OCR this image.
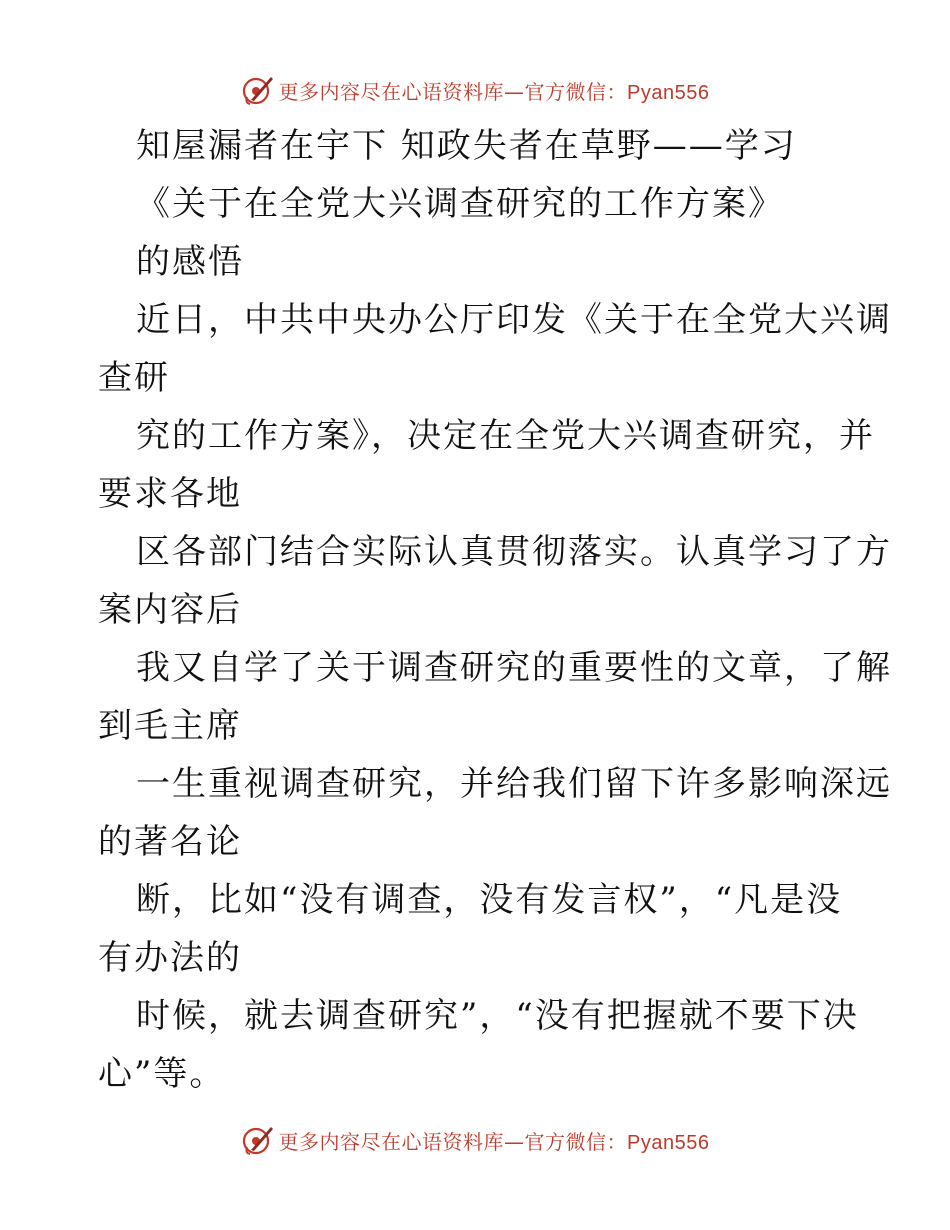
更多内容尽在心语资料库—官方微信：Pyan556
知屋漏者在宇下 知政失者在草野——学习
《关于在全党大兴调查研究的工作方案》
的感悟
近日，中共中央办公厅印发《关于在全党大兴调
查研
究的工作方案》，决定在全党大兴调查研究，并
要求各地
区各部门结合实际认真贯彻落实。认真学习了方
案内容后
我又自学了关于调查研究的重要性的文章，了解
到毛主席
一生重视调查研究，并给我们留下许多影响深远
的著名论
断，比如“没有调查，没有发言权”，“凡是没
有办法的
时候，就去调查研究”，“没有把握就不要下决
心”等。
更多内容尽在心语资料库—官方微信：Pyan556
